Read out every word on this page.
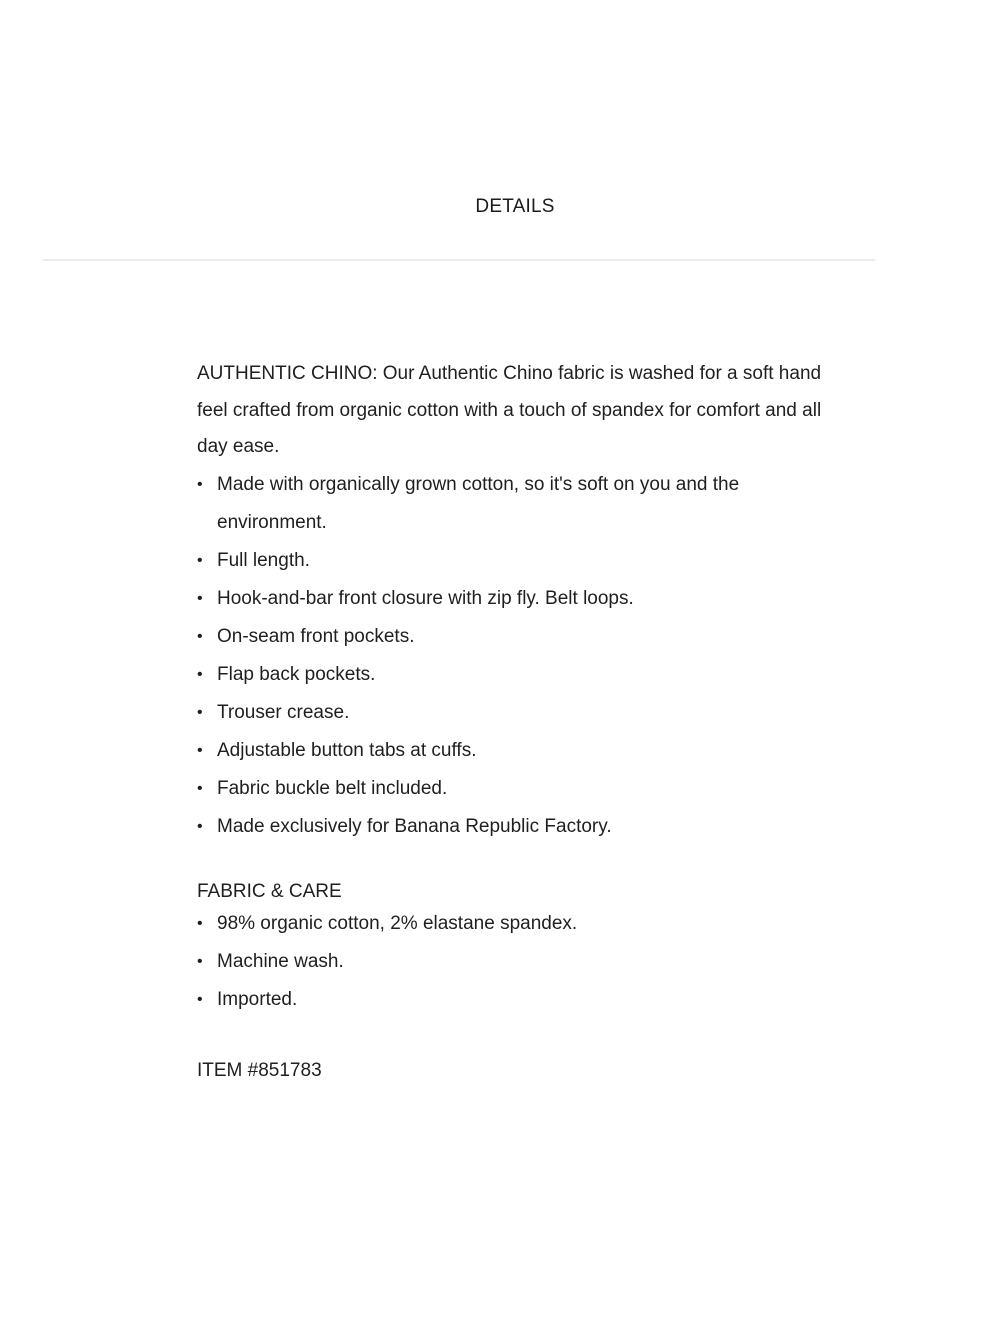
DETAILS

AUTHENTIC CHINO: Our Authentic Chino fabric is washed for a soft hand feel crafted from organic cotton with a touch of spandex for comfort and all day ease.

• Made with organically grown cotton, so it's soft on you and the environment.
• Full length.
• Hook-and-bar front closure with zip fly. Belt loops.
• On-seam front pockets.
• Flap back pockets.
• Trouser crease.
• Adjustable button tabs at cuffs.
• Fabric buckle belt included.
• Made exclusively for Banana Republic Factory.
FABRIC & CARE
• 98% organic cotton, 2% elastane spandex.
• Machine wash.
• Imported.
ITEM #851783
